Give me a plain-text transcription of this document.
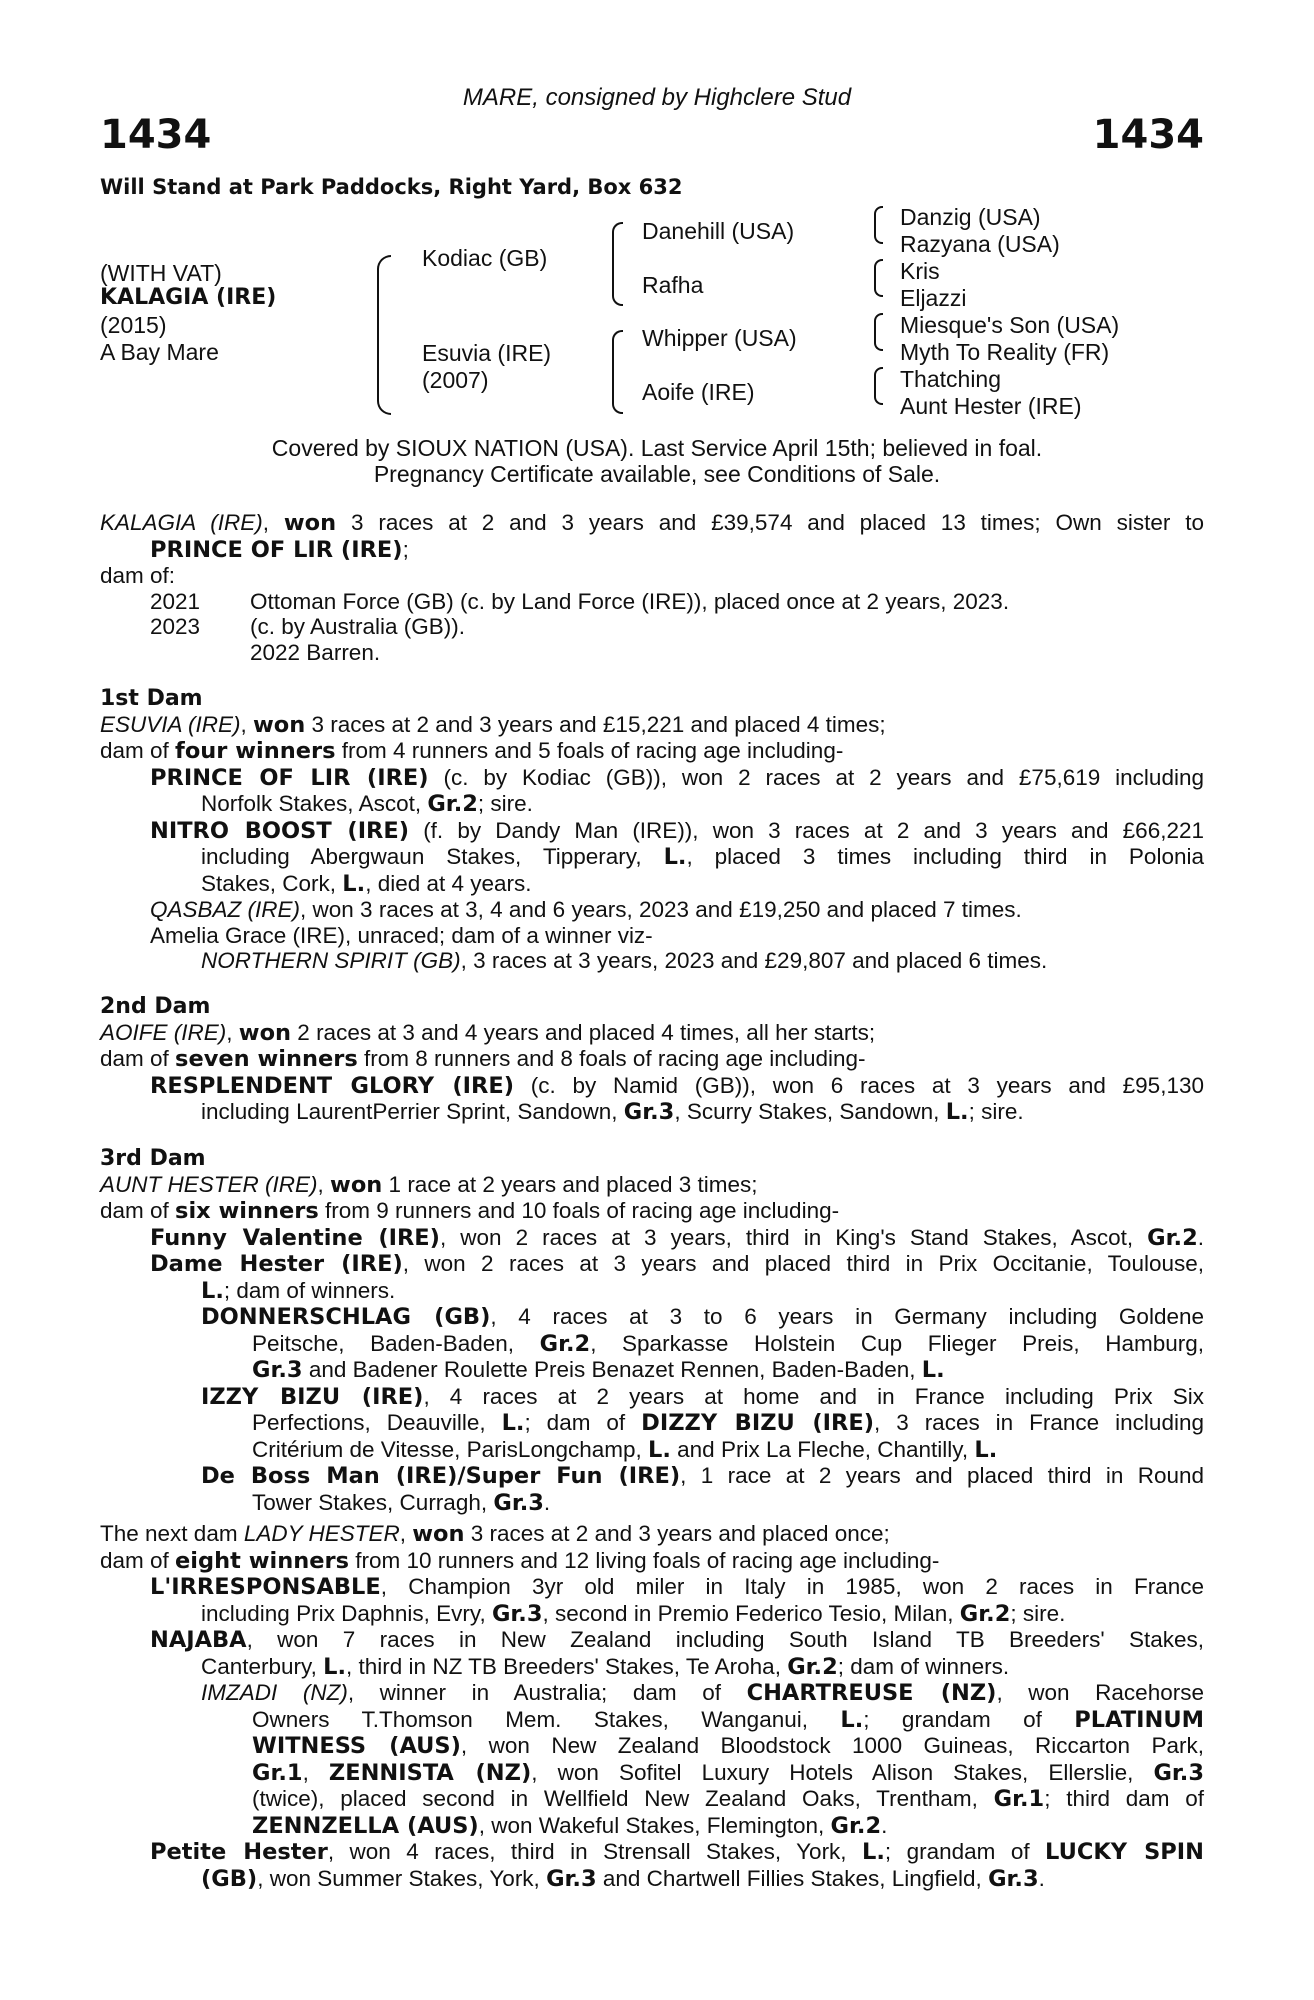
1434	1434
MARE, consigned by Highclere Stud
Will Stand at Park Paddocks, Right Yard, Box 632
(WITH VAT)
KALAGIA (IRE)
(2015)
A Bay Mare
Kodiac (GB)
Esuvia (IRE)
(2007)
Danehill (USA)
Rafha
Whipper (USA)
Aoife (IRE)
Danzig (USA)
Razyana (USA)
Kris
Eljazzi
Miesque's Son (USA)
Myth To Reality (FR)
Thatching
Aunt Hester (IRE)
Covered by SIOUX NATION (USA). Last Service April 15th; believed in foal.
Pregnancy Certificate available, see Conditions of Sale.
KALAGIA (IRE), won 3 races at 2 and 3 years and £39,574 and placed 13 times; Own sister to
PRINCE OF LIR (IRE);
dam of:
2021	Ottoman Force (GB) (c. by Land Force (IRE)), placed once at 2 years, 2023.
2023	(c. by Australia (GB)).
2022 Barren.
1st Dam
ESUVIA (IRE), won 3 races at 2 and 3 years and £15,221 and placed 4 times;
dam of four winners from 4 runners and 5 foals of racing age including-
PRINCE OF LIR (IRE) (c. by Kodiac (GB)), won 2 races at 2 years and £75,619 including
Norfolk Stakes, Ascot, Gr.2; sire.
NITRO BOOST (IRE) (f. by Dandy Man (IRE)), won 3 races at 2 and 3 years and £66,221
including Abergwaun Stakes, Tipperary, L., placed 3 times including third in Polonia
Stakes, Cork, L., died at 4 years.
QASBAZ (IRE), won 3 races at 3, 4 and 6 years, 2023 and £19,250 and placed 7 times.
Amelia Grace (IRE), unraced; dam of a winner viz-
NORTHERN SPIRIT (GB), 3 races at 3 years, 2023 and £29,807 and placed 6 times.
2nd Dam
AOIFE (IRE), won 2 races at 3 and 4 years and placed 4 times, all her starts;
dam of seven winners from 8 runners and 8 foals of racing age including-
RESPLENDENT GLORY (IRE) (c. by Namid (GB)), won 6 races at 3 years and £95,130
including LaurentPerrier Sprint, Sandown, Gr.3, Scurry Stakes, Sandown, L.; sire.
3rd Dam
AUNT HESTER (IRE), won 1 race at 2 years and placed 3 times;
dam of six winners from 9 runners and 10 foals of racing age including-
Funny Valentine (IRE), won 2 races at 3 years, third in King's Stand Stakes, Ascot, Gr.2.
Dame Hester (IRE), won 2 races at 3 years and placed third in Prix Occitanie, Toulouse,
L.; dam of winners.
DONNERSCHLAG (GB), 4 races at 3 to 6 years in Germany including Goldene
Peitsche, Baden-Baden, Gr.2, Sparkasse Holstein Cup Flieger Preis, Hamburg,
Gr.3 and Badener Roulette Preis Benazet Rennen, Baden-Baden, L.
IZZY BIZU (IRE), 4 races at 2 years at home and in France including Prix Six
Perfections, Deauville, L.; dam of DIZZY BIZU (IRE), 3 races in France including
Critérium de Vitesse, ParisLongchamp, L. and Prix La Fleche, Chantilly, L.
De Boss Man (IRE)/Super Fun (IRE), 1 race at 2 years and placed third in Round
Tower Stakes, Curragh, Gr.3.
The next dam LADY HESTER, won 3 races at 2 and 3 years and placed once;
dam of eight winners from 10 runners and 12 living foals of racing age including-
L'IRRESPONSABLE, Champion 3yr old miler in Italy in 1985, won 2 races in France
including Prix Daphnis, Evry, Gr.3, second in Premio Federico Tesio, Milan, Gr.2; sire.
NAJABA, won 7 races in New Zealand including South Island TB Breeders' Stakes,
Canterbury, L., third in NZ TB Breeders' Stakes, Te Aroha, Gr.2; dam of winners.
IMZADI (NZ), winner in Australia; dam of CHARTREUSE (NZ), won Racehorse
Owners T.Thomson Mem. Stakes, Wanganui, L.; grandam of PLATINUM
WITNESS (AUS), won New Zealand Bloodstock 1000 Guineas, Riccarton Park,
Gr.1, ZENNISTA (NZ), won Sofitel Luxury Hotels Alison Stakes, Ellerslie, Gr.3
(twice), placed second in Wellfield New Zealand Oaks, Trentham, Gr.1; third dam of
ZENNZELLA (AUS), won Wakeful Stakes, Flemington, Gr.2.
Petite Hester, won 4 races, third in Strensall Stakes, York, L.; grandam of LUCKY SPIN
(GB), won Summer Stakes, York, Gr.3 and Chartwell Fillies Stakes, Lingfield, Gr.3.
